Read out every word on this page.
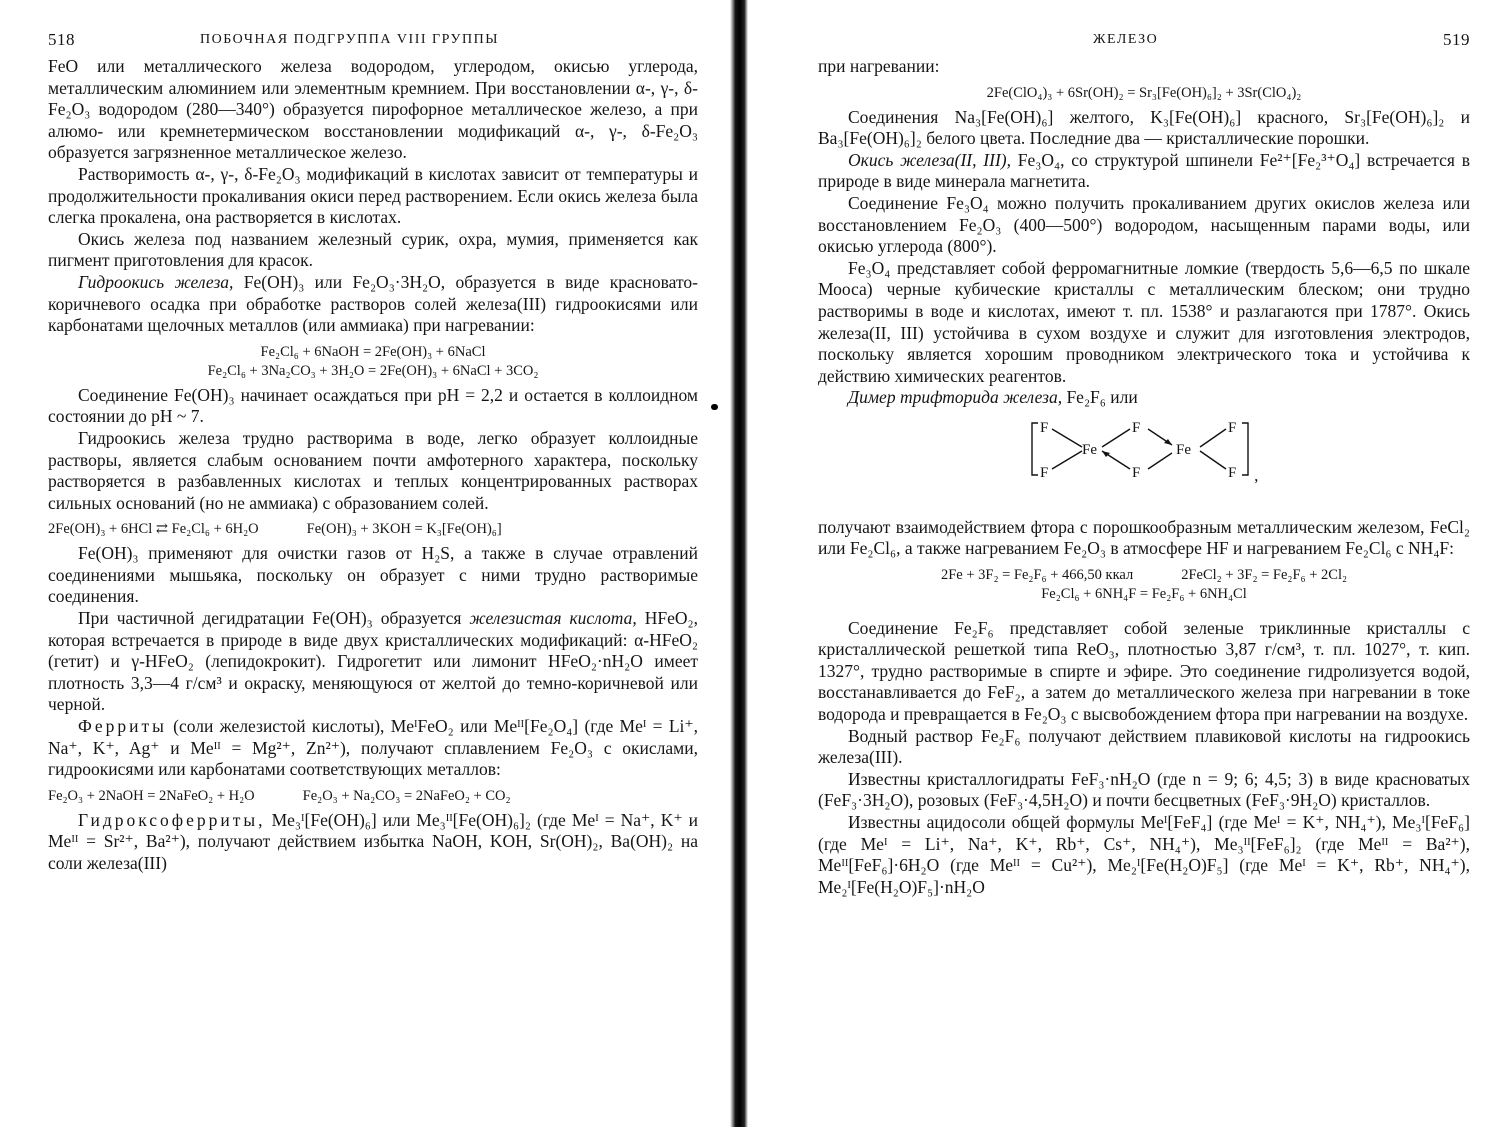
518	ПОБОЧНАЯ ПОДГРУППА VIII ГРУППЫ

FeO или металлического железа водородом, углеродом, окисью углерода, металлическим алюминием или элементным кремнием. При восстановлении α-, γ-, δ-Fe₂O₃ водородом (280—340°) образуется пирофорное металлическое железо, а при алюмо- или кремнетермическом восстановлении модификаций α-, γ-, δ-Fe₂O₃ образуется загрязненное металлическое железо.

Растворимость α-, γ-, δ-Fe₂O₃ модификаций в кислотах зависит от температуры и продолжительности прокаливания окиси перед растворением. Если окись железа была слегка прокалена, она растворяется в кислотах.

Окись железа под названием железный сурик, охра, мумия, применяется как пигмент приготовления для красок.

Гидроокись железа, Fe(OH)₃ или Fe₂O₃·3H₂O, образуется в виде красновато-коричневого осадка при обработке растворов солей железа(III) гидроокисями или карбонатами щелочных металлов (или аммиака) при нагревании:

Fe₂Cl₆ + 6NaOH = 2Fe(OH)₃ + 6NaCl
Fe₂Cl₆ + 3Na₂CO₃ + 3H₂O = 2Fe(OH)₃ + 6NaCl + 3CO₂

Соединение Fe(OH)₃ начинает осаждаться при pH = 2,2 и остается в коллоидном состоянии до pH ~ 7.

Гидроокись железа трудно растворима в воде, легко образует коллоидные растворы, является слабым основанием почти амфотерного характера, поскольку растворяется в разбавленных кислотах и теплых концентрированных растворах сильных оснований (но не аммиака) с образованием солей.

2Fe(OH)₃ + 6HCl ⇄ Fe₂Cl₆ + 6H₂O	Fe(OH)₃ + 3KOH = K₃[Fe(OH)₆]

Fe(OH)₃ применяют для очистки газов от H₂S, а также в случае отравлений соединениями мышьяка, поскольку он образует с ними трудно растворимые соединения.

При частичной дегидратации Fe(OH)₃ образуется железистая кислота, HFeO₂, которая встречается в природе в виде двух кристаллических модификаций: α-HFeO₂ (гетит) и γ-HFeO₂ (лепидокрокит). Гидрогетит или лимонит HFeO₂·nH₂O имеет плотность 3,3—4 г/см³ и окраску, меняющуюся от желтой до темно-коричневой или черной.

Ферриты (соли железистой кислоты), MeᴵFeO₂ или Meᴵᴵ[Fe₂O₄] (где Meᴵ = Li⁺, Na⁺, K⁺, Ag⁺ и Meᴵᴵ = Mg²⁺, Zn²⁺), получают сплавлением Fe₂O₃ с окислами, гидроокисями или карбонатами соответствующих металлов:

Fe₂O₃ + 2NaOH = 2NaFeO₂ + H₂O	Fe₂O₃ + Na₂CO₃ = 2NaFeO₂ + CO₂

Гидроксоферриты, Me₃ᴵ[Fe(OH)₆] или Me₃ᴵᴵ[Fe(OH)₆]₂ (где Meᴵ = Na⁺, K⁺ и Meᴵᴵ = Sr²⁺, Ba²⁺), получают действием избытка NaOH, KOH, Sr(OH)₂, Ba(OH)₂ на соли железа(III)

ЖЕЛЕЗО	519

при нагревании:

2Fe(ClO₄)₃ + 6Sr(OH)₂ = Sr₃[Fe(OH)₆]₂ + 3Sr(ClO₄)₂

Соединения Na₃[Fe(OH)₆] желтого, K₃[Fe(OH)₆] красного, Sr₃[Fe(OH)₆]₂ и Ba₃[Fe(OH)₆]₂ белого цвета. Последние два — кристаллические порошки.

Окись железа(II, III), Fe₃O₄, со структурой шпинели Fe²⁺[Fe₂³⁺O₄] встречается в природе в виде минерала магнетита.

Соединение Fe₃O₄ можно получить прокаливанием других окислов железа или восстановлением Fe₂O₃ (400—500°) водородом, насыщенным парами воды, или окисью углерода (800°).

Fe₃O₄ представляет собой ферромагнитные ломкие (твердость 5,6—6,5 по шкале Мооса) черные кубические кристаллы с металлическим блеском; они трудно растворимы в воде и кислотах, имеют т. пл. 1538° и разлагаются при 1787°. Окись железа(II, III) устойчива в сухом воздухе и служит для изготовления электродов, поскольку является хорошим проводником электрического тока и устойчива к действию химических реагентов.

Димер трифторида железа, Fe₂F₆ или

F
F
Fe
F
F
Fe
F
F ,

получают взаимодействием фтора с порошкообразным металлическим железом, FeCl₂ или Fe₂Cl₆, а также нагреванием Fe₂O₃ в атмосфере HF и нагреванием Fe₂Cl₆ с NH₄F:

2Fe + 3F₂ = Fe₂F₆ + 466,50 ккал	2FeCl₂ + 3F₂ = Fe₂F₆ + 2Cl₂
Fe₂Cl₆ + 6NH₄F = Fe₂F₆ + 6NH₄Cl

Соединение Fe₂F₆ представляет собой зеленые триклинные кристаллы с кристаллической решеткой типа ReO₃, плотностью 3,87 г/см³, т. пл. 1027°, т. кип. 1327°, трудно растворимые в спирте и эфире. Это соединение гидролизуется водой, восстанавливается до FeF₂, а затем до металлического железа при нагревании в токе водорода и превращается в Fe₂O₃ с высвобождением фтора при нагревании на воздухе.

Водный раствор Fe₂F₆ получают действием плавиковой кислоты на гидроокись железа(III).

Известны кристаллогидраты FeF₃·nH₂O (где n = 9; 6; 4,5; 3) в виде красноватых (FeF₃·3H₂O), розовых (FeF₃·4,5H₂O) и почти бесцветных (FeF₃·9H₂O) кристаллов.

Известны ацидосоли общей формулы Meᴵ[FeF₄] (где Meᴵ = K⁺, NH₄⁺), Me₃ᴵ[FeF₆] (где Meᴵ = Li⁺, Na⁺, K⁺, Rb⁺, Cs⁺, NH₄⁺), Me₃ᴵᴵ[FeF₆]₂ (где Meᴵᴵ = Ba²⁺), Meᴵᴵ[FeF₆]·6H₂O (где Meᴵᴵ = Cu²⁺), Me₂ᴵ[Fe(H₂O)F₅] (где Meᴵ = K⁺, Rb⁺, NH₄⁺), Me₂ᴵ[Fe(H₂O)F₅]·nH₂O
